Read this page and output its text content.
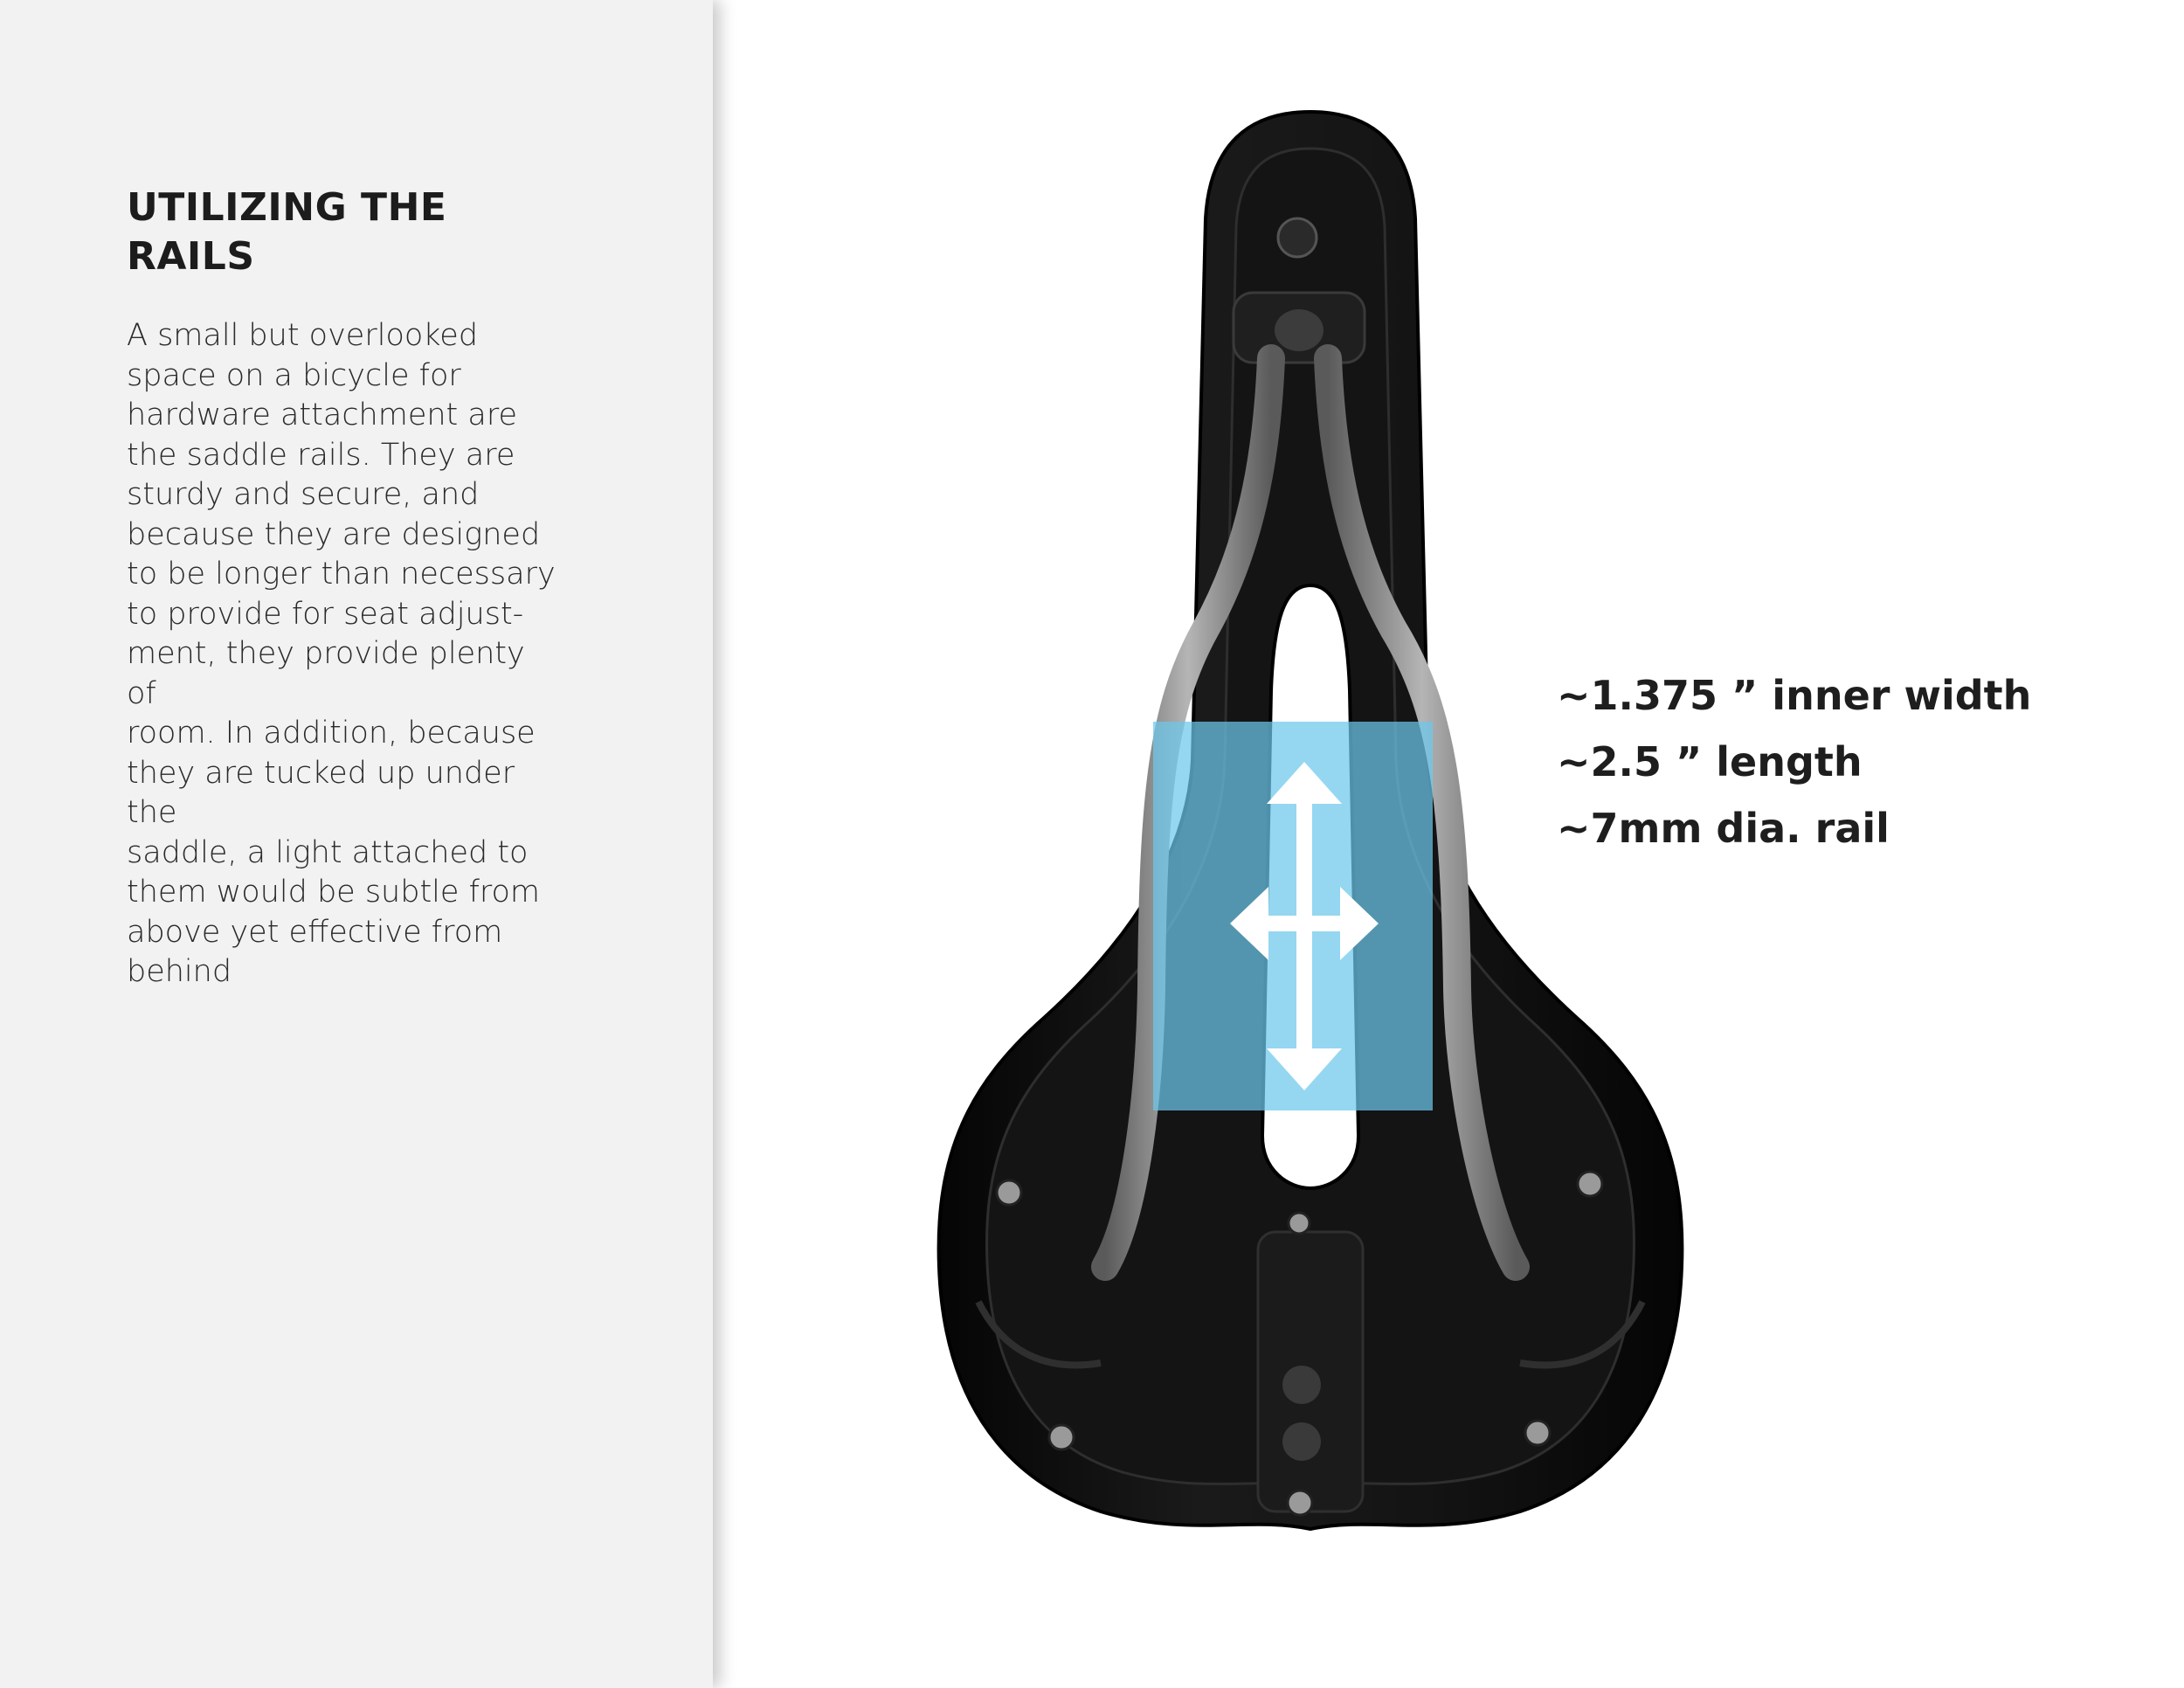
UTILIZING THE
RAILS

A small but overlooked
space on a bicycle for
hardware attachment are
the saddle rails. They are
sturdy and secure, and
because they are designed
to be longer than necessary
to provide for seat adjust-
ment, they provide plenty of
room. In addition, because
they are tucked up under the
saddle, a light attached to
them would be subtle from
above yet effective from
behind

~1.375 ” inner width
~2.5 ” length
~7mm dia. rail
